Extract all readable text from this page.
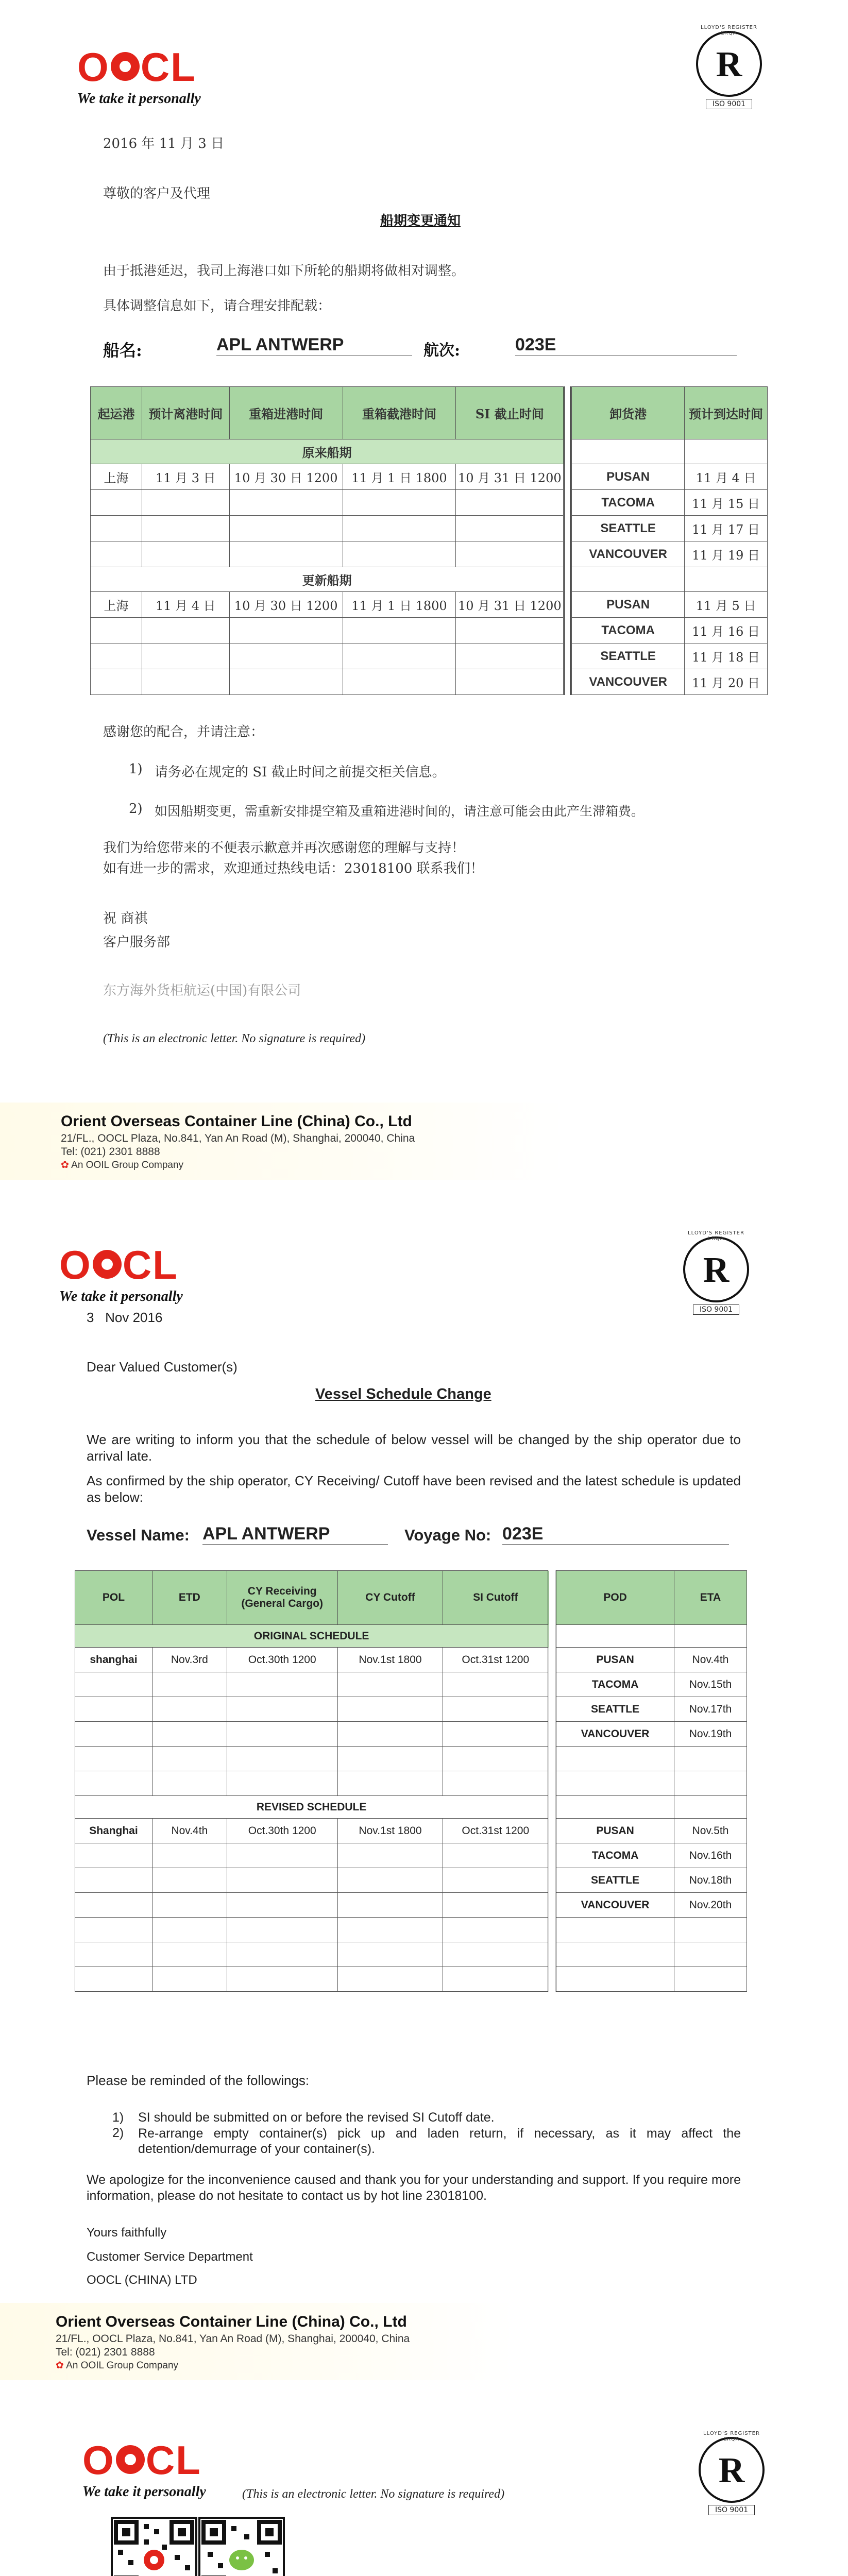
O CL
We take it personally
LLOYD'S REGISTER LRQA
R
ISO 9001
2016 年 11 月 3 日
尊敬的客户及代理
船期变更通知
由于抵港延迟，我司上海港口如下所轮的船期将做相对调整。
具体调整信息如下，请合理安排配载：
船名:	APL ANTWERP	航次:	023E
起运港	预计离港时间	重箱进港时间	重箱截港时间	SI 截止时间		卸货港	预计到达时间
原来船期							
上海	11 月 3 日	10 月 30 日 1200	11 月 1 日 1800	10 月 31 日 1200		PUSAN	11 月 4 日
						TACOMA	11 月 15 日
						SEATTLE	11 月 17 日
						VANCOUVER	11 月 19 日
更新船期							
上海	11 月 4 日	10 月 30 日 1200	11 月 1 日 1800	10 月 31 日 1200		PUSAN	11 月 5 日
						TACOMA	11 月 16 日
						SEATTLE	11 月 18 日
						VANCOUVER	11 月 20 日
感谢您的配合，并请注意：
1) 请务必在规定的 SI 截止时间之前提交柜关信息。
2) 如因船期变更，需重新安排提空箱及重箱进港时间的，请注意可能会由此产生滞箱费。
我们为给您带来的不便表示歉意并再次感谢您的理解与支持！
如有进一步的需求，欢迎通过热线电话：23018100 联系我们！
祝 商祺
客户服务部
东方海外货柜航运(中国)有限公司
(This is an electronic letter. No signature is required)
Orient Overseas Container Line (China) Co., Ltd
21/FL., OOCL Plaza, No.841, Yan An Road (M), Shanghai, 200040, China
Tel: (021) 2301 8888
✿ An OOIL Group Company
O CL
We take it personally
LLOYD'S REGISTER LRQA
R
ISO 9001
3   Nov 2016
Dear Valued Customer(s)
Vessel Schedule Change
We are writing to inform you that the schedule of below vessel will be changed by the ship operator due to arrival late.
As confirmed by the ship operator, CY Receiving/ Cutoff have been revised and the latest schedule is updated as below:
Vessel Name: APL ANTWERP	Voyage No: 023E
POL	ETD	CY Receiving (General Cargo)	CY Cutoff	SI Cutoff		POD	ETA
ORIGINAL SCHEDULE							
shanghai	Nov.3rd	Oct.30th 1200	Nov.1st 1800	Oct.31st 1200		PUSAN	Nov.4th
						TACOMA	Nov.15th
						SEATTLE	Nov.17th
						VANCOUVER	Nov.19th

REVISED SCHEDULE							
Shanghai	Nov.4th	Oct.30th 1200	Nov.1st 1800	Oct.31st 1200		PUSAN	Nov.5th
						TACOMA	Nov.16th
						SEATTLE	Nov.18th
						VANCOUVER	Nov.20th

Please be reminded of the followings:
1) SI should be submitted on or before the revised SI Cutoff date.
2) Re-arrange empty container(s) pick up and laden return, if necessary, as it may affect the detention/demurrage of your container(s).
We apologize for the inconvenience caused and thank you for your understanding and support. If you require more information, please do not hesitate to contact us by hot line 23018100.
Yours faithfully
Customer Service Department
OOCL (CHINA) LTD
Orient Overseas Container Line (China) Co., Ltd
21/FL., OOCL Plaza, No.841, Yan An Road (M), Shanghai, 200040, China
Tel: (021) 2301 8888
✿ An OOIL Group Company
O CL
We take it personally	(This is an electronic letter. No signature is required)
LLOYD'S REGISTER LRQA
R
ISO 9001
